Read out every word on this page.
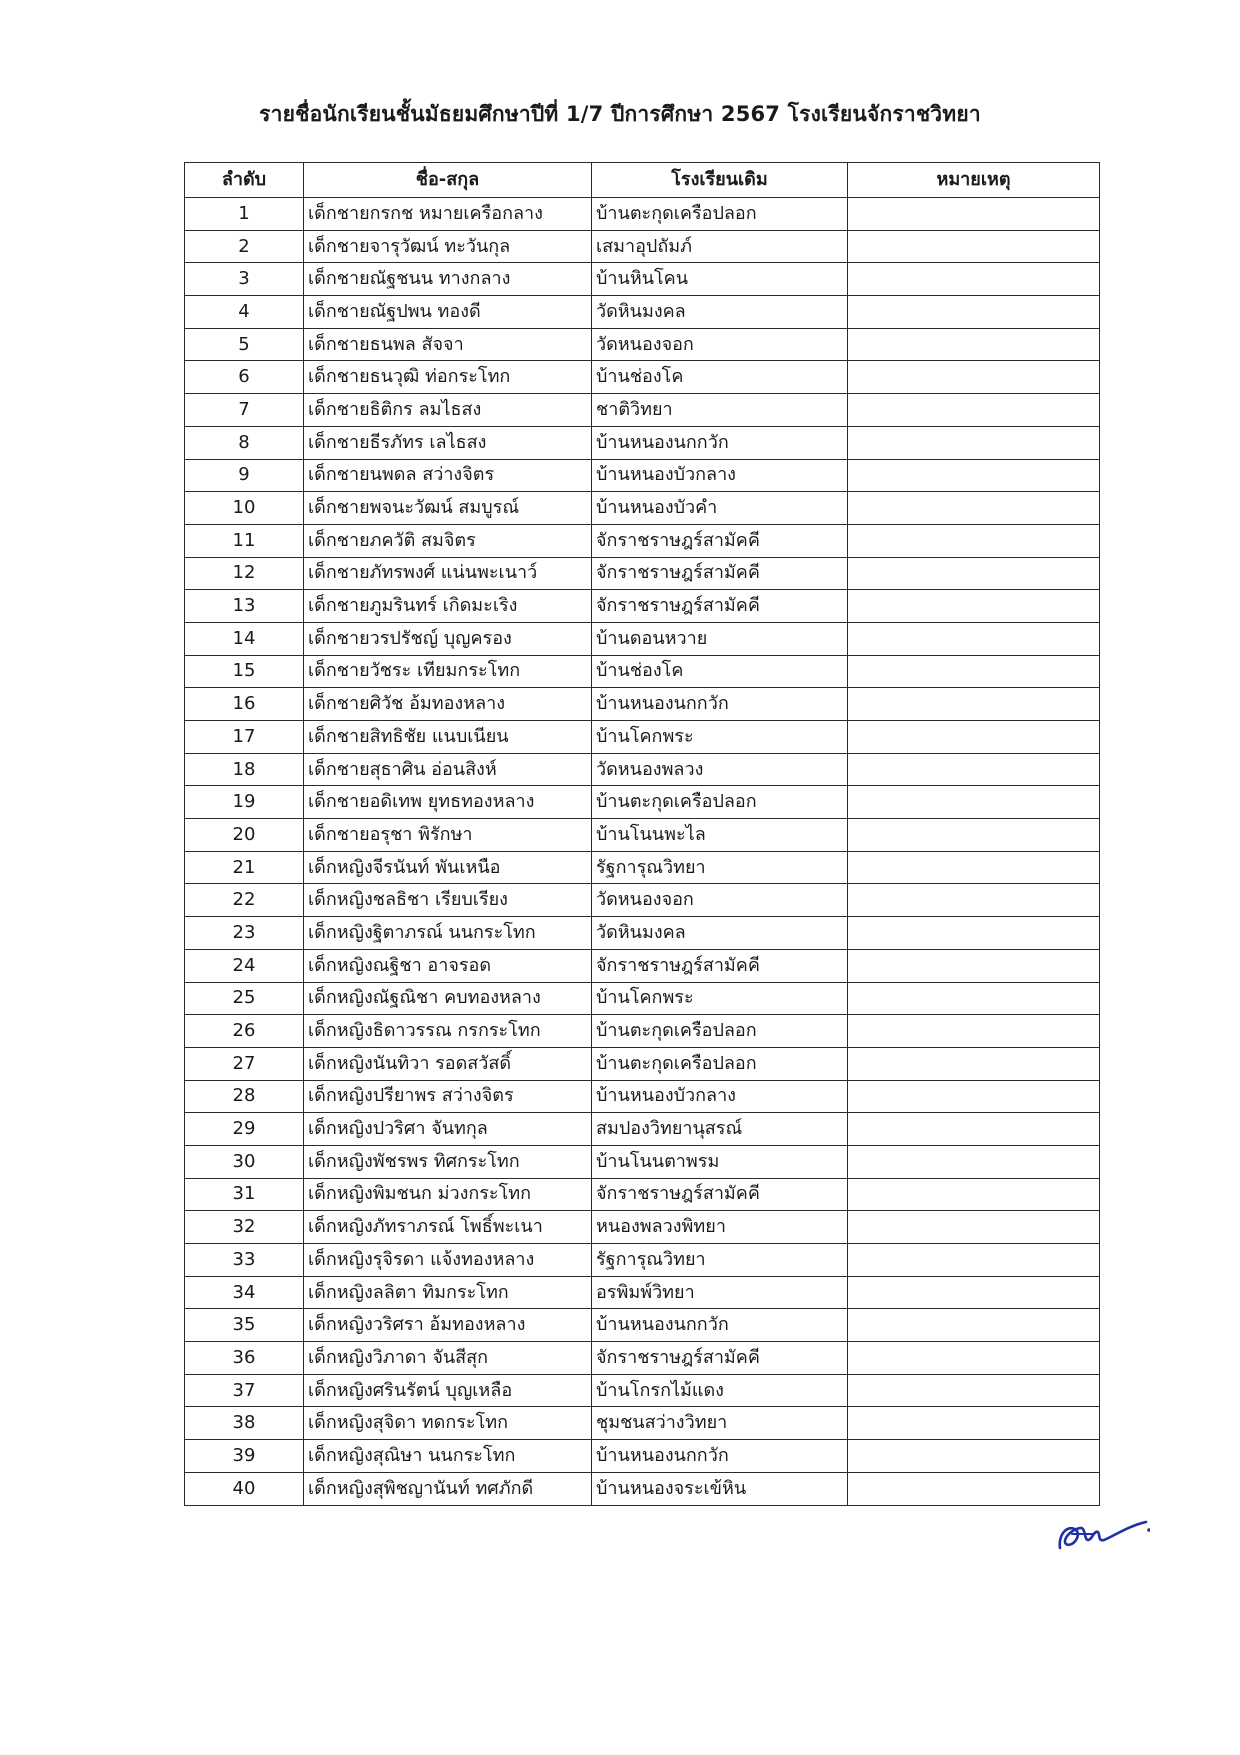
รายชื่อนักเรียนชั้นมัธยมศึกษาปีที่ 1/7 ปีการศึกษา 2567 โรงเรียนจักราชวิทยา
ลำดับ	ชื่อ-สกุล	โรงเรียนเดิม	หมายเหตุ
1	เด็กชายกรกช หมายเครือกลาง	บ้านตะกุดเครือปลอก	
2	เด็กชายจารุวัฒน์ ทะวันกุล	เสมาอุปถัมภ์	
3	เด็กชายณัฐชนน ทางกลาง	บ้านหินโคน	
4	เด็กชายณัฐปพน ทองดี	วัดหินมงคล	
5	เด็กชายธนพล สัจจา	วัดหนองจอก	
6	เด็กชายธนวุฒิ ท่อกระโทก	บ้านช่องโค	
7	เด็กชายธิติกร ลมไธสง	ชาติวิทยา	
8	เด็กชายธีรภัทร เลไธสง	บ้านหนองนกกวัก	
9	เด็กชายนพดล สว่างจิตร	บ้านหนองบัวกลาง	
10	เด็กชายพจนะวัฒน์ สมบูรณ์	บ้านหนองบัวคำ	
11	เด็กชายภควัติ สมจิตร	จักราชราษฎร์สามัคคี	
12	เด็กชายภัทรพงศ์ แน่นพะเนาว์	จักราชราษฎร์สามัคคี	
13	เด็กชายภูมรินทร์ เกิดมะเริง	จักราชราษฎร์สามัคคี	
14	เด็กชายวรปรัชญ์ บุญครอง	บ้านดอนหวาย	
15	เด็กชายวัชระ เทียมกระโทก	บ้านช่องโค	
16	เด็กชายศิวัช อ้มทองหลาง	บ้านหนองนกกวัก	
17	เด็กชายสิทธิชัย แนบเนียน	บ้านโคกพระ	
18	เด็กชายสุธาศิน อ่อนสิงห์	วัดหนองพลวง	
19	เด็กชายอดิเทพ ยุทธทองหลาง	บ้านตะกุดเครือปลอก	
20	เด็กชายอรุชา พิรักษา	บ้านโนนพะไล	
21	เด็กหญิงจีรนันท์ พันเหนือ	รัฐการุณวิทยา	
22	เด็กหญิงชลธิชา เรียบเรียง	วัดหนองจอก	
23	เด็กหญิงฐิตาภรณ์ นนกระโทก	วัดหินมงคล	
24	เด็กหญิงณฐิชา อาจรอด	จักราชราษฎร์สามัคคี	
25	เด็กหญิงณัฐณิชา คบทองหลาง	บ้านโคกพระ	
26	เด็กหญิงธิดาวรรณ กรกระโทก	บ้านตะกุดเครือปลอก	
27	เด็กหญิงนันทิวา รอดสวัสดิ์	บ้านตะกุดเครือปลอก	
28	เด็กหญิงปรียาพร สว่างจิตร	บ้านหนองบัวกลาง	
29	เด็กหญิงปวริศา จันทกุล	สมปองวิทยานุสรณ์	
30	เด็กหญิงพัชรพร ทิศกระโทก	บ้านโนนตาพรม	
31	เด็กหญิงพิมชนก ม่วงกระโทก	จักราชราษฎร์สามัคคี	
32	เด็กหญิงภัทราภรณ์ โพธิ์พะเนา	หนองพลวงพิทยา	
33	เด็กหญิงรุจิรดา แจ้งทองหลาง	รัฐการุณวิทยา	
34	เด็กหญิงลลิตา ทิมกระโทก	อรพิมพ์วิทยา	
35	เด็กหญิงวริศรา อ้มทองหลาง	บ้านหนองนกกวัก	
36	เด็กหญิงวิภาดา จันสีสุก	จักราชราษฎร์สามัคคี	
37	เด็กหญิงศรินรัตน์ บุญเหลือ	บ้านโกรกไม้แดง	
38	เด็กหญิงสุจิดา ทดกระโทก	ชุมชนสว่างวิทยา	
39	เด็กหญิงสุณิษา นนกระโทก	บ้านหนองนกกวัก	
40	เด็กหญิงสุพิชญานันท์ ทศภักดี	บ้านหนองจระเข้หิน	
